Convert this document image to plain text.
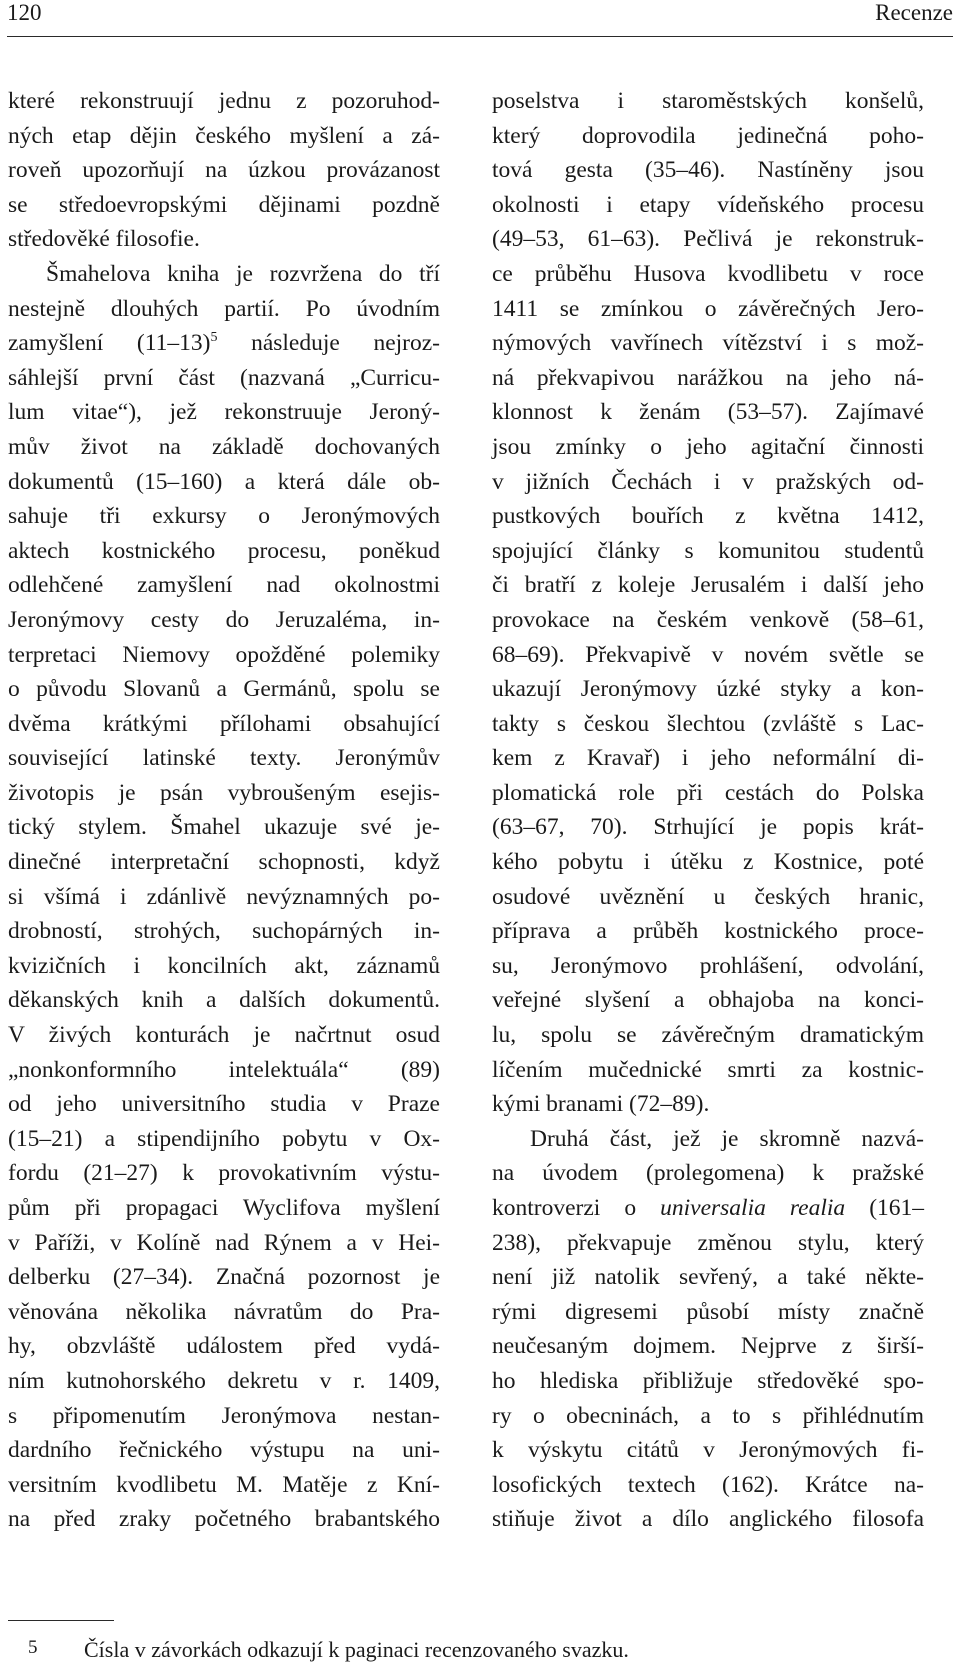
120	Recenze
které rekonstruují jednu z pozoruhod-
ných etap dějin českého myšlení a zá-
roveň upozorňují na úzkou provázanost
se středoevropskými dějinami pozdně
středověké filosofie.
Šmahelova kniha je rozvržena do tří
nestejně dlouhých partií. Po úvodním
zamyšlení $(11-13)^5$ následuje nejroz-
sáhlejší první část (nazvaná „Curricu-
lum vitae“), jež rekonstruuje Jeroný-
mův život na základě dochovaných
dokumentů (15–160) a která dále ob-
sahuje tři exkursy o Jeronýmových
aktech kostnického procesu, poněkud
odlehčené zamyšlení nad okolnostmi
Jeronýmovy cesty do Jeruzaléma, in-
terpretaci Niemovy opožděné polemiky
o původu Slovanů a Germánů, spolu se
dvěma krátkými přílohami obsahující
související latinské texty. Jeronýmův
životopis je psán vybroušeným esejis-
tický stylem. Šmahel ukazuje své je-
dinečné interpretační schopnosti, když
si všímá i zdánlivě nevýznamných po-
drobností, strohých, suchopárných in-
kvizičních i koncilních akt, záznamů
děkanských knih a dalších dokumentů.
V živých konturách je načrtnut osud
„nonkonformního intelektuála“ (89)
od jeho universitního studia v Praze
(15–21) a stipendijního pobytu v Ox-
fordu (21–27) k provokativním výstu-
pům při propagaci Wyclifova myšlení
v Paříži, v Kolíně nad Rýnem a v Hei-
delberku (27–34). Značná pozornost je
věnována několika návratům do Pra-
hy, obzvláště událostem před vydá-
ním kutnohorského dekretu v r. 1409,
s připomenutím Jeronýmova nestan-
dardního řečnického výstupu na uni-
versitním kvodlibetu M. Matěje z Kní-
na před zraky početného brabantského
poselstva i staroměstských konšelů,
který doprovodila jedinečná poho-
tová gesta (35–46). Nastíněny jsou
okolnosti i etapy vídeňského procesu
(49–53, 61–63). Pečlivá je rekonstruk-
ce průběhu Husova kvodlibetu v roce
1411 se zmínkou o závěrečných Jero-
nýmových vavřínech vítězství i s mož-
ná překvapivou narážkou na jeho ná-
klonnost k ženám (53–57). Zajímavé
jsou zmínky o jeho agitační činnosti
v jižních Čechách i v pražských od-
pustkových bouřích z května 1412,
spojující články s komunitou studentů
či bratří z koleje Jerusalém i další jeho
provokace na českém venkově (58–61,
68–69). Překvapivě v novém světle se
ukazují Jeronýmovy úzké styky a kon-
takty s českou šlechtou (zvláště s Lac-
kem z Kravař) i jeho neformální di-
plomatická role při cestách do Polska
(63–67, 70). Strhující je popis krát-
kého pobytu i útěku z Kostnice, poté
osudové uvěznění u českých hranic,
příprava a průběh kostnického proce-
su, Jeronýmovo prohlášení, odvolání,
veřejné slyšení a obhajoba na konci-
lu, spolu se závěrečným dramatickým
líčením mučednické smrti za kostnic-
kými branami (72–89).
Druhá část, jež je skromně nazvá-
na úvodem (prolegomena) k pražské
kontroverzi o universalia realia (161–
238), překvapuje změnou stylu, který
není již natolik sevřený, a také někte-
rými digresemi působí místy značně
neučesaným dojmem. Nejprve z širší-
ho hlediska přibližuje středověké spo-
ry o obecninách, a to s přihlédnutím
k výskytu citátů v Jeronýmových fi-
losofických textech (162). Krátce na-
stiňuje život a dílo anglického filosofa
5 Čísla v závorkách odkazují k paginaci recenzovaného svazku.
